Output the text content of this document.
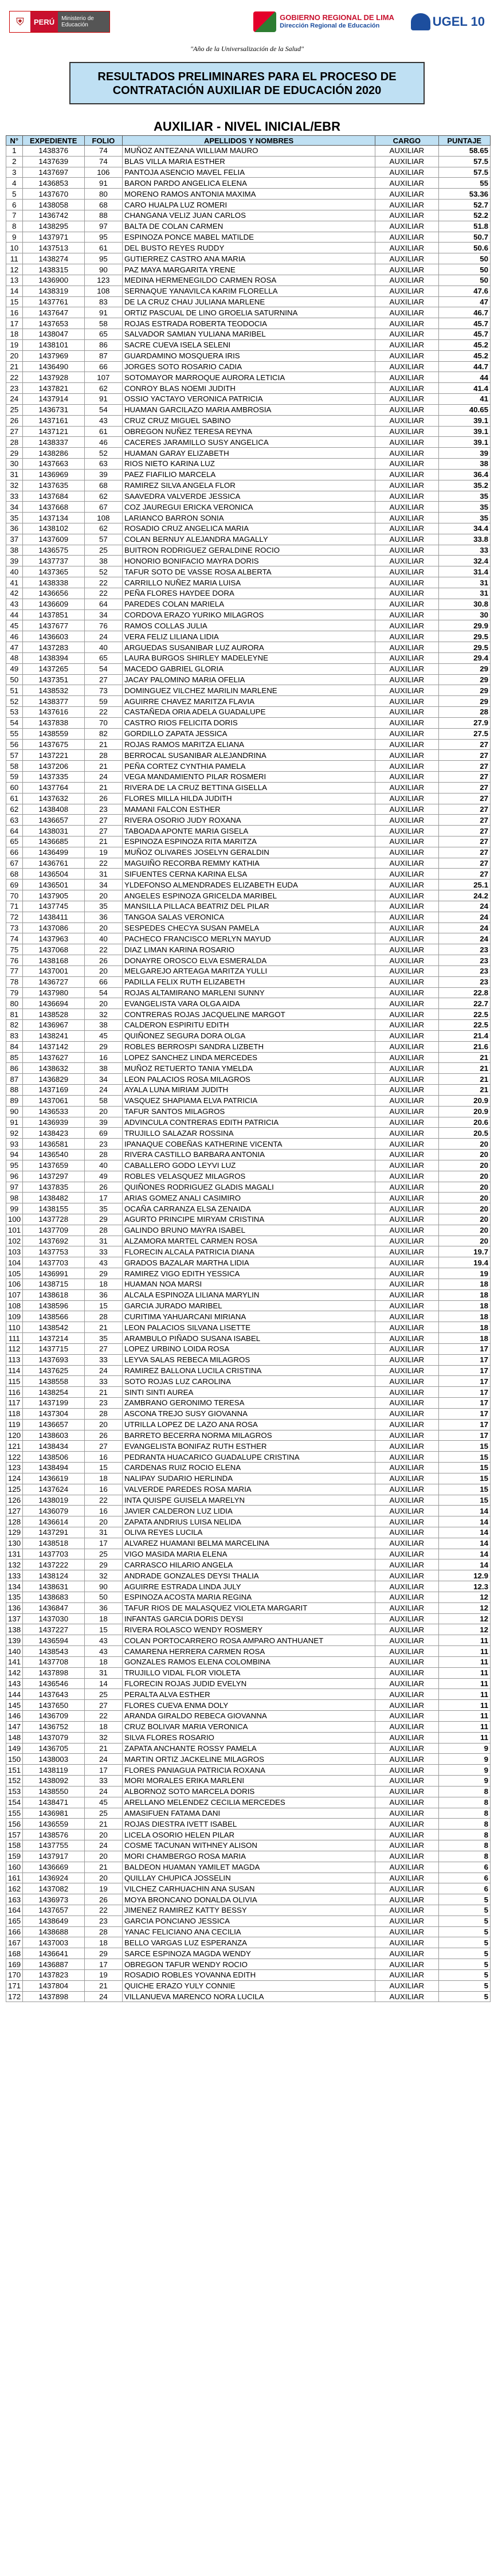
⛨	PERÚ	Ministerio de Educación
GOBIERNO REGIONAL DE LIMA
Dirección Regional de Educación	UGEL 10
"Año de la Universalización de la Salud"
RESULTADOS PRELIMINARES PARA EL PROCESO DE
CONTRATACIÓN AUXILIAR DE EDUCACIÓN 2020
AUXILIAR - NIVEL INICIAL/EBR
N°	EXPEDIENTE	FOLIO	APELLIDOS Y NOMBRES	CARGO	PUNTAJE
1	1438376	74	MUÑOZ ANTEZANA WILLIAM MAURO	AUXILIAR	58.65
2	1437639	74	BLAS VILLA MARIA ESTHER	AUXILIAR	57.5
3	1437697	106	PANTOJA ASENCIO MAVEL FELIA	AUXILIAR	57.5
4	1436853	91	BARON PARDO ANGELICA ELENA	AUXILIAR	55
5	1437670	80	MORENO RAMOS ANTONIA MAXIMA	AUXILIAR	53.36
6	1438058	68	CARO HUALPA LUZ ROMERI	AUXILIAR	52.7
7	1436742	88	CHANGANA VELIZ JUAN CARLOS	AUXILIAR	52.2
8	1438295	97	BALTA DE COLAN CARMEN	AUXILIAR	51.8
9	1437971	95	ESPINOZA PONCE MABEL MATILDE	AUXILIAR	50.7
10	1437513	61	DEL BUSTO REYES RUDDY	AUXILIAR	50.6
11	1438274	95	GUTIERREZ CASTRO ANA MARIA	AUXILIAR	50
12	1438315	90	PAZ MAYA MARGARITA YRENE	AUXILIAR	50
13	1436900	123	MEDINA HERMENEGILDO CARMEN ROSA	AUXILIAR	50
14	1438319	108	SERNAQUE YANAVILCA KARIM FLORELLA	AUXILIAR	47.6
15	1437761	83	DE LA CRUZ CHAU JULIANA MARLENE	AUXILIAR	47
16	1437647	91	ORTIZ PASCUAL DE LINO GROELIA SATURNINA	AUXILIAR	46.7
17	1437653	58	ROJAS ESTRADA ROBERTA TEODOCIA	AUXILIAR	45.7
18	1438047	65	SALVADOR SAMIAN YULIANA MARIBEL	AUXILIAR	45.7
19	1438101	86	SACRE CUEVA ISELA SELENI	AUXILIAR	45.2
20	1437969	87	GUARDAMINO MOSQUERA IRIS	AUXILIAR	45.2
21	1436490	66	JORGES SOTO ROSARIO CADIA	AUXILIAR	44.7
22	1437928	107	SOTOMAYOR MARROQUE AURORA LETICIA	AUXILIAR	44
23	1437821	62	CONROY BLAS NOEMI JUDITH	AUXILIAR	41.4
24	1437914	91	OSSIO YACTAYO VERONICA PATRICIA	AUXILIAR	41
25	1436731	54	HUAMAN GARCILAZO MARIA AMBROSIA	AUXILIAR	40.65
26	1437161	43	CRUZ CRUZ MIGUEL SABINO	AUXILIAR	39.1
27	1437121	61	OBREGON NUÑEZ TERESA REYNA	AUXILIAR	39.1
28	1438337	46	CACERES JARAMILLO SUSY ANGELICA	AUXILIAR	39.1
29	1438286	52	HUAMAN GARAY ELIZABETH	AUXILIAR	39
30	1437663	63	RIOS NIETO KARINA LUZ	AUXILIAR	38
31	1436969	39	PAEZ FIAFILIO MARCELA	AUXILIAR	36.4
32	1437635	68	RAMIREZ SILVA ANGELA FLOR	AUXILIAR	35.2
33	1437684	62	SAAVEDRA VALVERDE JESSICA	AUXILIAR	35
34	1437668	67	COZ JAUREGUI ERICKA VERONICA	AUXILIAR	35
35	1437134	108	LARIANCO BARRON SONIA	AUXILIAR	35
36	1438102	62	ROSADIO CRUZ ANGELICA MARIA	AUXILIAR	34.4
37	1437609	57	COLAN BERNUY ALEJANDRA MAGALLY	AUXILIAR	33.8
38	1436575	25	BUITRON RODRIGUEZ GERALDINE ROCIO	AUXILIAR	33
39	1437737	38	HONORIO BONIFACIO MAYRA DORIS	AUXILIAR	32.4
40	1437365	52	TAFUR SOTO DE VASSE ROSA ALBERTA	AUXILIAR	31.4
41	1438338	22	CARRILLO NUÑEZ MARIA LUISA	AUXILIAR	31
42	1436656	22	PEÑA FLORES HAYDEE DORA	AUXILIAR	31
43	1436609	64	PAREDES COLAN MARIELA	AUXILIAR	30.8
44	1437851	34	CORDOVA ERAZO YURIKO MILAGROS	AUXILIAR	30
45	1437677	76	RAMOS COLLAS JULIA	AUXILIAR	29.9
46	1436603	24	VERA FELIZ LILIANA LIDIA	AUXILIAR	29.5
47	1437283	40	ARGUEDAS SUSANIBAR LUZ AURORA	AUXILIAR	29.5
48	1438394	65	LAURA BURGOS SHIRLEY MADELEYNE	AUXILIAR	29.4
49	1437265	54	MACEDO GABRIEL GLORIA	AUXILIAR	29
50	1437351	27	JACAY PALOMINO MARIA OFELIA	AUXILIAR	29
51	1438532	73	DOMINGUEZ VILCHEZ MARILIN MARLENE	AUXILIAR	29
52	1438377	59	AGUIRRE CHAVEZ MARITZA FLAVIA	AUXILIAR	29
53	1437616	22	CASTAÑEDA ORIA ADELA GUADALUPE	AUXILIAR	28
54	1437838	70	CASTRO RIOS FELICITA DORIS	AUXILIAR	27.9
55	1438559	82	GORDILLO ZAPATA JESSICA	AUXILIAR	27.5
56	1437675	21	ROJAS RAMOS MARITZA ELIANA	AUXILIAR	27
57	1437221	28	BERROCAL SUSANIBAR ALEJANDRINA	AUXILIAR	27
58	1437206	21	PEÑA CORTEZ CYNTHIA PAMELA	AUXILIAR	27
59	1437335	24	VEGA MANDAMIENTO PILAR ROSMERI	AUXILIAR	27
60	1437764	21	RIVERA DE LA CRUZ BETTINA GISELLA	AUXILIAR	27
61	1437632	26	FLORES MILLA HILDA JUDITH	AUXILIAR	27
62	1438408	23	MAMANI FALCON ESTHER	AUXILIAR	27
63	1436657	27	RIVERA OSORIO JUDY ROXANA	AUXILIAR	27
64	1438031	27	TABOADA APONTE MARIA GISELA	AUXILIAR	27
65	1436685	21	ESPINOZA ESPINOZA RITA MARITZA	AUXILIAR	27
66	1436499	19	MUÑOZ OLIVARES JOSELYN GERALDIN	AUXILIAR	27
67	1436761	22	MAGUIÑO RECORBA REMMY KATHIA	AUXILIAR	27
68	1436504	31	SIFUENTES CERNA KARINA ELSA	AUXILIAR	27
69	1436501	34	YLDEFONSO ALMENDRADES ELIZABETH EUDA	AUXILIAR	25.1
70	1437905	20	ANGELES ESPINOZA GRICELDA MARIBEL	AUXILIAR	24.2
71	1437745	35	MANSILLA PILLACA BEATRIZ DEL PILAR	AUXILIAR	24
72	1438411	36	TANGOA SALAS VERONICA	AUXILIAR	24
73	1437086	20	SESPEDES CHECYA SUSAN PAMELA	AUXILIAR	24
74	1437963	40	PACHECO FRANCISCO MERLYN MAYUD	AUXILIAR	24
75	1437068	22	DIAZ LIMAN KARINA ROSARIO	AUXILIAR	23
76	1438168	26	DONAYRE OROSCO ELVA ESMERALDA	AUXILIAR	23
77	1437001	20	MELGAREJO ARTEAGA MARITZA YULLI	AUXILIAR	23
78	1436727	66	PADILLA FELIX RUTH ELIZABETH	AUXILIAR	23
79	1437980	54	ROJAS ALTAMIRANO MARLENI SUNNY	AUXILIAR	22.8
80	1436694	20	EVANGELISTA VARA OLGA AIDA	AUXILIAR	22.7
81	1438528	32	CONTRERAS ROJAS JACQUELINE MARGOT	AUXILIAR	22.5
82	1436967	38	CALDERON ESPIRITU EDITH	AUXILIAR	22.5
83	1438241	45	QUIÑONEZ SEGURA DORA OLGA	AUXILIAR	21.4
84	1437142	29	ROBLES BERROSPI SANDRA LIZBETH	AUXILIAR	21.6
85	1437627	16	LOPEZ SANCHEZ LINDA MERCEDES	AUXILIAR	21
86	1438632	38	MUÑOZ RETUERTO TANIA YMELDA	AUXILIAR	21
87	1436829	34	LEON PALACIOS ROSA MILAGROS	AUXILIAR	21
88	1437169	24	AYALA LUNA MIRIAM JUDITH	AUXILIAR	21
89	1437061	58	VASQUEZ SHAPIAMA ELVA PATRICIA	AUXILIAR	20.9
90	1436533	20	TAFUR SANTOS MILAGROS	AUXILIAR	20.9
91	1436939	39	ADVINCULA CONTRERAS EDITH PATRICIA	AUXILIAR	20.6
92	1438423	69	TRUJILLO SALAZAR ROSSINA	AUXILIAR	20.5
93	1436581	23	IPANAQUE COBEÑAS KATHERINE VICENTA	AUXILIAR	20
94	1436540	28	RIVERA CASTILLO BARBARA ANTONIA	AUXILIAR	20
95	1437659	40	CABALLERO GODO LEYVI LUZ	AUXILIAR	20
96	1437297	49	ROBLES VELASQUEZ MILAGROS	AUXILIAR	20
97	1437835	26	QUIÑONES RODRIGUEZ GLADIS MAGALI	AUXILIAR	20
98	1438482	17	ARIAS GOMEZ ANALI CASIMIRO	AUXILIAR	20
99	1438155	35	OCAÑA CARRANZA ELSA ZENAIDA	AUXILIAR	20
100	1437728	29	AGURTO PRINCIPE MIRYAM CRISTINA	AUXILIAR	20
101	1437709	28	GALINDO BRUNO MAYRA ISABEL	AUXILIAR	20
102	1437692	31	ALZAMORA MARTEL CARMEN ROSA	AUXILIAR	20
103	1437753	33	FLORECIN ALCALA PATRICIA DIANA	AUXILIAR	19.7
104	1437703	43	GRADOS BAZALAR MARTHA LIDIA	AUXILIAR	19.4
105	1436991	29	RAMIREZ VIGO EDITH YESSICA	AUXILIAR	19
106	1438715	18	HUAMAN NOA MARSI	AUXILIAR	18
107	1438618	36	ALCALA ESPINOZA LILIANA MARYLIN	AUXILIAR	18
108	1438596	15	GARCIA JURADO MARIBEL	AUXILIAR	18
109	1438566	28	CURITIMA YAHUARCANI MIRIANA	AUXILIAR	18
110	1438542	21	LEON PALACIOS SILVANA LISETTE	AUXILIAR	18
111	1437214	35	ARAMBULO PIÑADO SUSANA ISABEL	AUXILIAR	18
112	1437715	27	LOPEZ URBINO LOIDA ROSA	AUXILIAR	17
113	1437693	33	LEYVA SALAS REBECA MILAGROS	AUXILIAR	17
114	1437625	24	RAMIREZ BALLONA LUCILA CRISTINA	AUXILIAR	17
115	1438558	33	SOTO ROJAS LUZ CAROLINA	AUXILIAR	17
116	1438254	21	SINTI SINTI AUREA	AUXILIAR	17
117	1437199	23	ZAMBRANO GERONIMO TERESA	AUXILIAR	17
118	1437304	28	ASCONA TREJO SUSY GIOVANNA	AUXILIAR	17
119	1436657	20	UTRILLA LOPEZ DE LAZO ANA ROSA	AUXILIAR	17
120	1438603	26	BARRETO BECERRA NORMA MILAGROS	AUXILIAR	17
121	1438434	27	EVANGELISTA BONIFAZ RUTH ESTHER	AUXILIAR	15
122	1438506	16	PEDRANTA HUACARICO GUADALUPE CRISTINA	AUXILIAR	15
123	1438494	15	CARDENAS RUIZ ROCIO ELENA	AUXILIAR	15
124	1436619	18	NALIPAY SUDARIO HERLINDA	AUXILIAR	15
125	1437624	16	VALVERDE PAREDES ROSA MARIA	AUXILIAR	15
126	1438019	22	INTA QUISPE GUISELA MARELYN	AUXILIAR	15
127	1436079	16	JAVIER CALDERON LUZ LIDIA	AUXILIAR	14
128	1436614	20	ZAPATA ANDRIUS LUISA NELIDA	AUXILIAR	14
129	1437291	31	OLIVA REYES LUCILA	AUXILIAR	14
130	1438518	17	ALVAREZ HUAMANI BELMA MARCELINA	AUXILIAR	14
131	1437703	25	VIGO MASIDA MARIA ELENA	AUXILIAR	14
132	1437222	29	CARRASCO HILARIO ANGELA	AUXILIAR	14
133	1438124	32	ANDRADE GONZALES DEYSI THALIA	AUXILIAR	12.9
134	1438631	90	AGUIRRE ESTRADA LINDA JULY	AUXILIAR	12.3
135	1438683	50	ESPINOZA ACOSTA MARIA REGINA	AUXILIAR	12
136	1436847	36	TAFUR RIOS DE MALASQUEZ VIOLETA MARGARIT	AUXILIAR	12
137	1437030	18	INFANTAS GARCIA DORIS DEYSI	AUXILIAR	12
138	1437227	15	RIVERA ROLASCO WENDY ROSMERY	AUXILIAR	12
139	1436594	43	COLAN PORTOCARRERO ROSA AMPARO ANTHUANET	AUXILIAR	11
140	1438543	43	CAMARENA HERRERA CARMEN ROSA	AUXILIAR	11
141	1437708	18	GONZALES RAMOS ELENA COLOMBINA	AUXILIAR	11
142	1437898	31	TRUJILLO VIDAL FLOR VIOLETA	AUXILIAR	11
143	1436546	14	FLORECIN ROJAS JUDID EVELYN	AUXILIAR	11
144	1437643	25	PERALTA ALVA ESTHER	AUXILIAR	11
145	1437650	27	FLORES CUEVA ENMA DOLY	AUXILIAR	11
146	1436709	22	ARANDA GIRALDO REBECA GIOVANNA	AUXILIAR	11
147	1436752	18	CRUZ BOLIVAR MARIA VERONICA	AUXILIAR	11
148	1437079	32	SILVA FLORES ROSARIO	AUXILIAR	11
149	1436705	21	ZAPATA ANCHANTE ROSSY PAMELA	AUXILIAR	9
150	1438003	24	MARTIN ORTIZ JACKELINE MILAGROS	AUXILIAR	9
151	1438119	17	FLORES PANIAGUA PATRICIA ROXANA	AUXILIAR	9
152	1438092	33	MORI MORALES ERIKA MARLENI	AUXILIAR	9
153	1438550	24	ALBORNOZ SOTO MARCELA DORIS	AUXILIAR	8
154	1438471	45	ARELLANO MELENDEZ CECILIA MERCEDES	AUXILIAR	8
155	1436981	25	AMASIFUEN FATAMA DANI	AUXILIAR	8
156	1436559	21	ROJAS DIESTRA IVETT ISABEL	AUXILIAR	8
157	1438576	20	LICELA OSORIO HELEN PILAR	AUXILIAR	8
158	1437755	24	COSME TACUNAN WITHNEY ALISON	AUXILIAR	8
159	1437917	20	MORI CHAMBERGO ROSA MARIA	AUXILIAR	8
160	1436669	21	BALDEON HUAMAN YAMILET MAGDA	AUXILIAR	6
161	1436924	20	QUILLAY CHUPICA JOSSELIN	AUXILIAR	6
162	1437082	19	VILCHEZ CARHUACHIN ANA SUSAN	AUXILIAR	6
163	1436973	26	MOYA BRONCANO DONALDA OLIVIA	AUXILIAR	5
164	1437657	22	JIMENEZ RAMIREZ KATTY BESSY	AUXILIAR	5
165	1438649	23	GARCIA PONCIANO JESSICA	AUXILIAR	5
166	1438688	28	YANAC FELICIANO ANA CECILIA	AUXILIAR	5
167	1437003	18	BELLO VARGAS LUZ ESPERANZA	AUXILIAR	5
168	1436641	29	SARCE ESPINOZA MAGDA WENDY	AUXILIAR	5
169	1436887	17	OBREGON TAFUR WENDY ROCIO	AUXILIAR	5
170	1437823	19	ROSADIO ROBLES YOVANNA EDITH	AUXILIAR	5
171	1437804	21	QUICHE ERAZO YULY CONNIE	AUXILIAR	5
172	1437898	24	VILLANUEVA MARENCO NORA LUCILA	AUXILIAR	5
